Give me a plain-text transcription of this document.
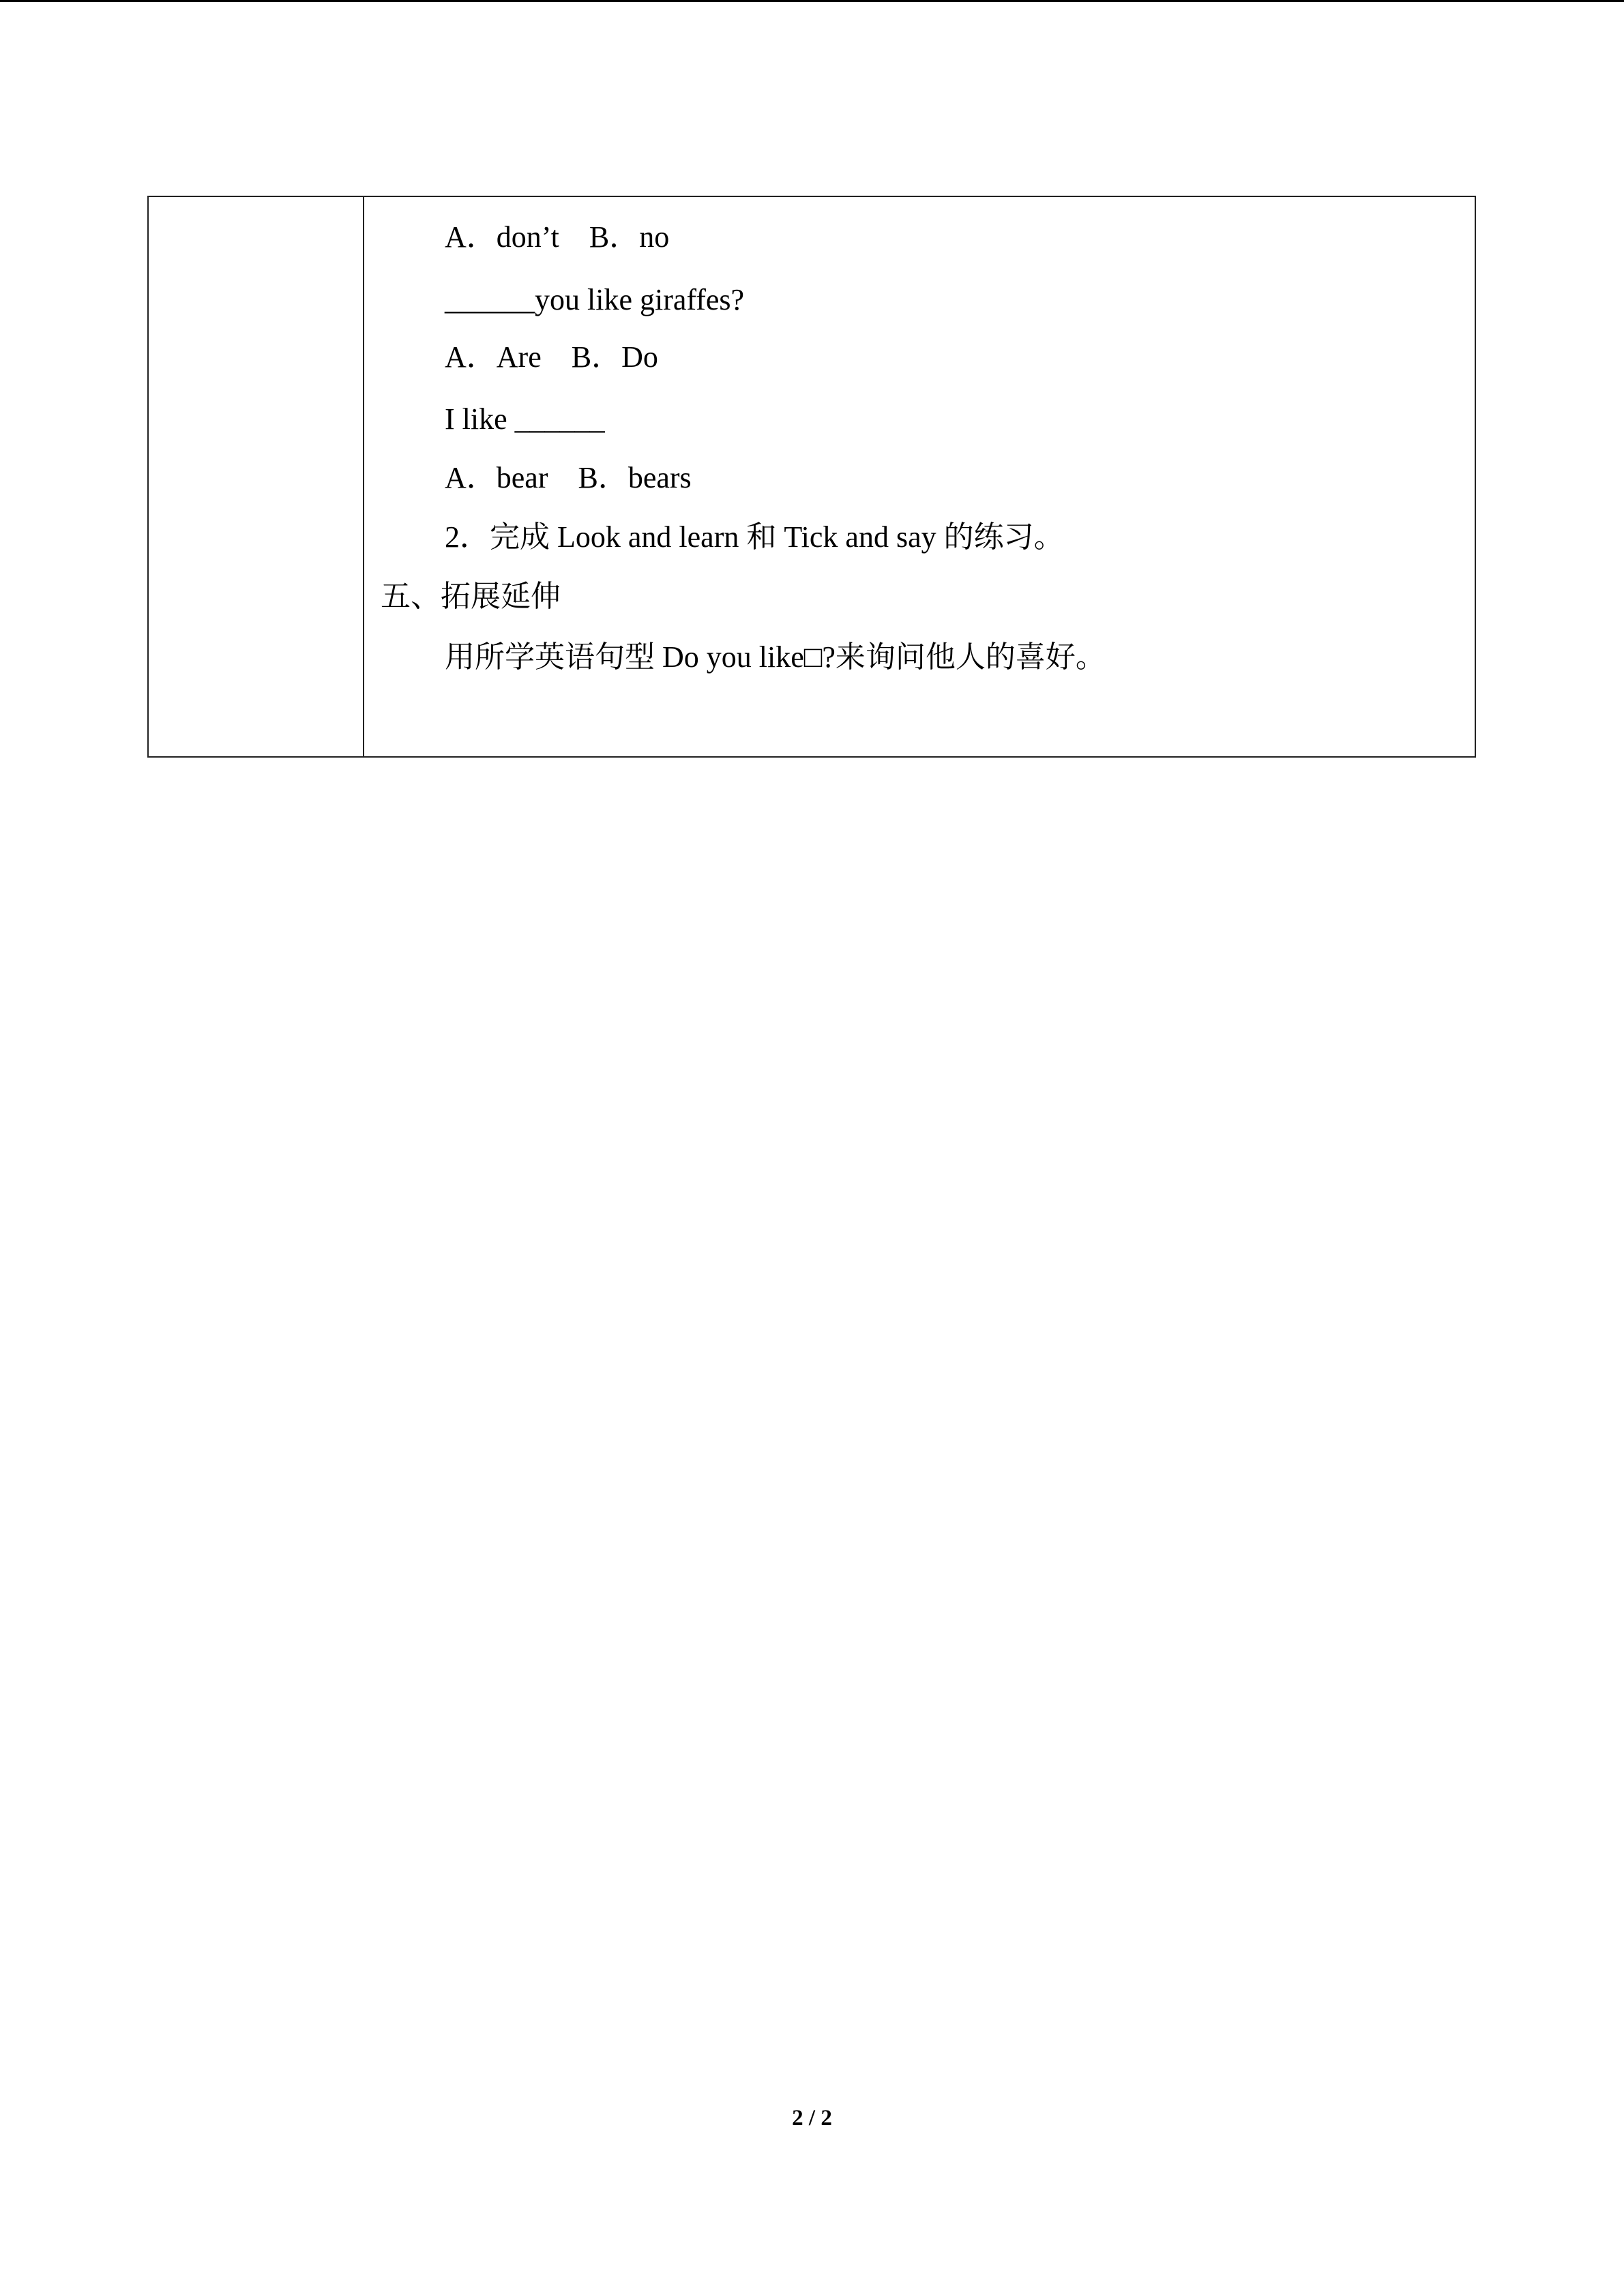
A．don’t　B．no
______you like giraffes?
A．Are　B．Do
I like ______
A．bear　B．bears
2．完成 Look and learn 和 Tick and say 的练习。
五、拓展延伸
用所学英语句型 Do you like□?来询问他人的喜好。
2 / 2
